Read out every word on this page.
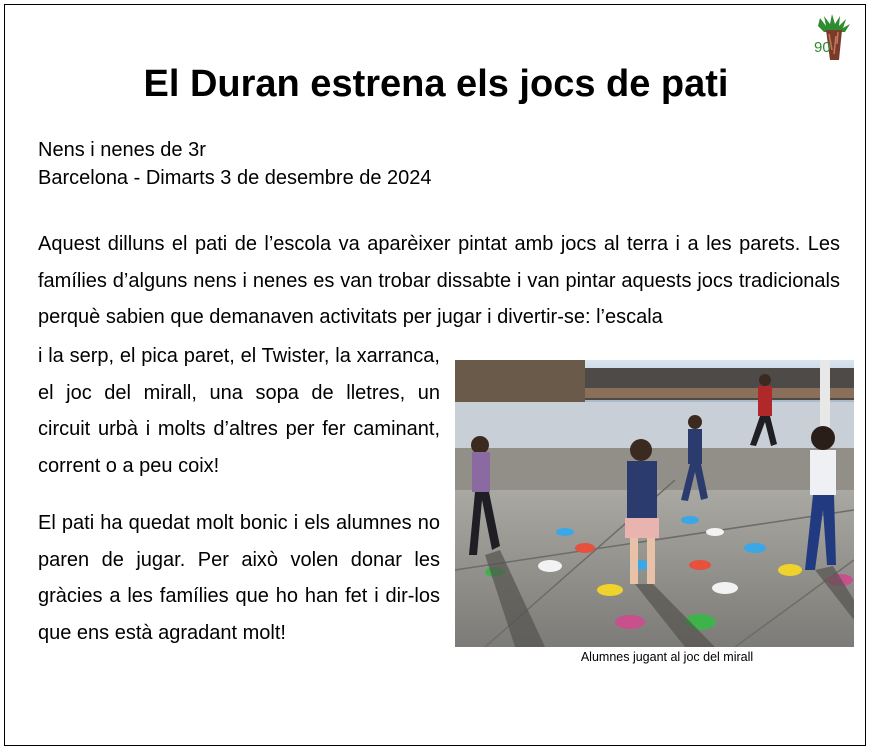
90
El Duran estrena els jocs de pati
Nens i nenes de 3r
Barcelona - Dimarts 3 de desembre de 2024

Aquest dilluns el pati de l’escola va aparèixer pintat amb jocs al terra i a les parets. Les famílies d’alguns nens i nenes es van trobar dissabte i van pintar aquests jocs tradicionals perquè sabien que demanaven activitats per jugar i divertir-se: l’escala

i la serp, el pica paret, el Twister, la xarranca, el joc del mirall, una sopa de lletres, un circuit urbà i molts d’altres per fer caminant, corrent o a peu coix!

El pati ha quedat molt bonic i els alumnes no paren de jugar. Per això volen donar les gràcies a les famílies que ho han fet i dir-los que ens està agradant molt!

Alumnes jugant al joc del mirall
